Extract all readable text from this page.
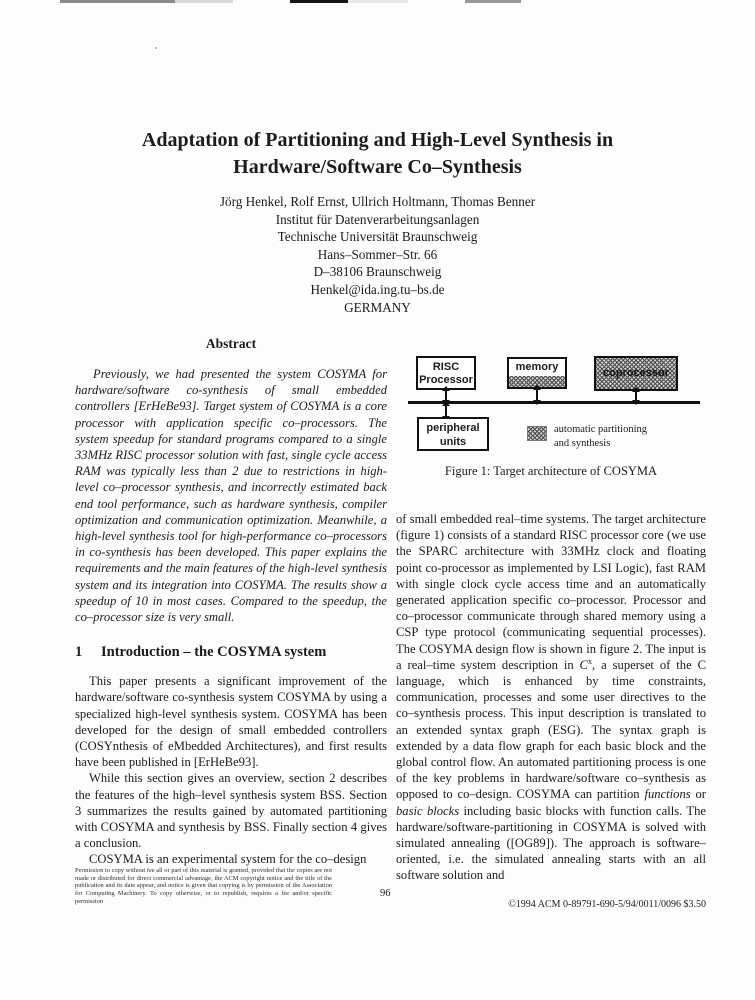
Adaptation of Partitioning and High-Level Synthesis in
Hardware/Software Co–Synthesis
Jörg Henkel, Rolf Ernst, Ullrich Holtmann, Thomas Benner
Institut für Datenverarbeitungsanlagen
Technische Universität Braunschweig
Hans–Sommer–Str. 66
D–38106 Braunschweig
Henkel@ida.ing.tu–bs.de
GERMANY
Abstract

Previously, we had presented the system COSYMA for hardware/software co-synthesis of small embedded controllers [ErHeBe93]. Target system of COSYMA is a core processor with application specific co–processors. The system speedup for standard programs compared to a single 33MHz RISC processor solution with fast, single cycle access RAM was typically less than 2 due to restrictions in high-level co–processor synthesis, and incorrectly estimated back end tool performance, such as hardware synthesis, compiler optimization and communication optimization. Meanwhile, a high-level synthesis tool for high-performance co–processors in co-synthesis has been developed. This paper explains the requirements and the main features of the high-level synthesis system and its integration into COSYMA. The results show a speedup of 10 in most cases. Compared to the speedup, the co–processor size is very small.

1 Introduction – the COSYMA system

This paper presents a significant improvement of the hardware/software co-synthesis system COSYMA by using a specialized high-level synthesis system. COSYMA has been developed for the design of small embedded controllers (COSYnthesis of eMbedded Architectures), and first results have been published in [ErHeBe93].

While this section gives an overview, section 2 describes the features of the high–level synthesis system BSS. Section 3 summarizes the results gained by automated partitioning with COSYMA and synthesis by BSS. Finally section 4 gives a conclusion.

COSYMA is an experimental system for the co–design

RISC
Processor
memory	coprocessor
peripheral
units
automatic partitioning
and synthesis
Figure 1: Target architecture of COSYMA

of small embedded real–time systems. The target architecture (figure 1) consists of a standard RISC processor core (we use the SPARC architecture with 33MHz clock and floating point co-processor as implemented by LSI Logic), fast RAM with single clock cycle access time and an automatically generated application specific co–processor. Processor and co–processor communicate through shared memory using a CSP type protocol (communicating sequential processes). The COSYMA design flow is shown in figure 2. The input is a real–time system description in $C^x$, a superset of the C language, which is enhanced by time constraints, communication, processes and some user directives to the co–synthesis process. This input description is translated to an extended syntax graph (ESG). The syntax graph is extended by a data flow graph for each basic block and the global control flow. An automated partitioning process is one of the key problems in hardware/software co–synthesis as opposed to co–design. COSYMA can partition functions or basic blocks including basic blocks with function calls. The hardware/software-partitioning in COSYMA is solved with simulated annealing ([OG89]). The approach is software–oriented, i.e. the simulated annealing starts with an all software solution and

Permission to copy without fee all or part of this material is granted, provided that the copies are not made or distributed for direct commercial advantage, the ACM copyright notice and the title of the publication and its date appear, and notice is given that copying is by permission of the Association for Computing Machinery. To copy otherwise, or to republish, requires a fee and/or specific permission
96
©1994 ACM 0-89791-690-5/94/0011/0096 $3.50
